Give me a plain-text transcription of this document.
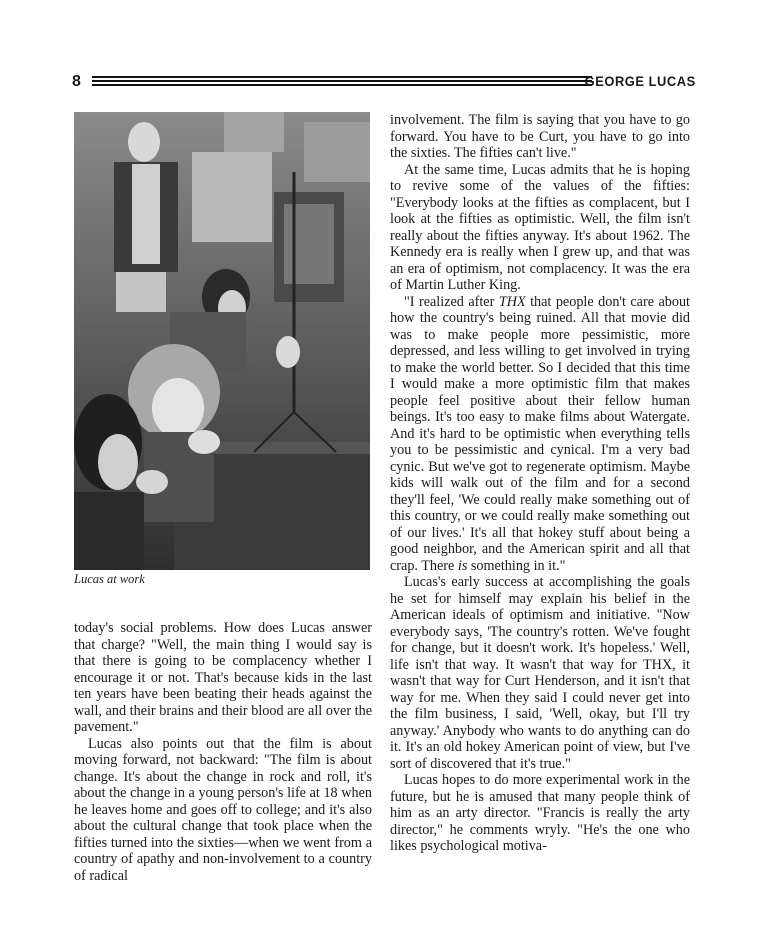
8	GEORGE LUCAS
Lucas at work

today's social problems. How does Lucas answer that charge? "Well, the main thing I would say is that there is going to be complacency whether I encourage it or not. That's because kids in the last ten years have been beating their heads against the wall, and their brains and their blood are all over the pavement."

Lucas also points out that the film is about moving forward, not backward: "The film is about change. It's about the change in rock and roll, it's about the change in a young person's life at 18 when he leaves home and goes off to college; and it's also about the cultural change that took place when the fifties turned into the sixties—when we went from a country of apathy and non-involvement to a country of radical

involvement. The film is saying that you have to go forward. You have to be Curt, you have to go into the sixties. The fifties can't live."

At the same time, Lucas admits that he is hoping to revive some of the values of the fifties: "Everybody looks at the fifties as complacent, but I look at the fifties as optimistic. Well, the film isn't really about the fifties anyway. It's about 1962. The Kennedy era is really when I grew up, and that was an era of optimism, not complacency. It was the era of Martin Luther King.

"I realized after THX that people don't care about how the country's being ruined. All that movie did was to make people more pessimistic, more depressed, and less willing to get involved in trying to make the world better. So I decided that this time I would make a more optimistic film that makes people feel positive about their fellow human beings. It's too easy to make films about Watergate. And it's hard to be optimistic when everything tells you to be pessimistic and cynical. I'm a very bad cynic. But we've got to regenerate optimism. Maybe kids will walk out of the film and for a second they'll feel, 'We could really make something out of this country, or we could really make something out of our lives.' It's all that hokey stuff about being a good neighbor, and the American spirit and all that crap. There is something in it."

Lucas's early success at accomplishing the goals he set for himself may explain his belief in the American ideals of optimism and initiative. "Now everybody says, 'The country's rotten. We've fought for change, but it doesn't work. It's hopeless.' Well, life isn't that way. It wasn't that way for THX, it wasn't that way for Curt Henderson, and it isn't that way for me. When they said I could never get into the film business, I said, 'Well, okay, but I'll try anyway.' Anybody who wants to do anything can do it. It's an old hokey American point of view, but I've sort of discovered that it's true."

Lucas hopes to do more experimental work in the future, but he is amused that many people think of him as an arty director. "Francis is really the arty director," he comments wryly. "He's the one who likes psychological motiva-
